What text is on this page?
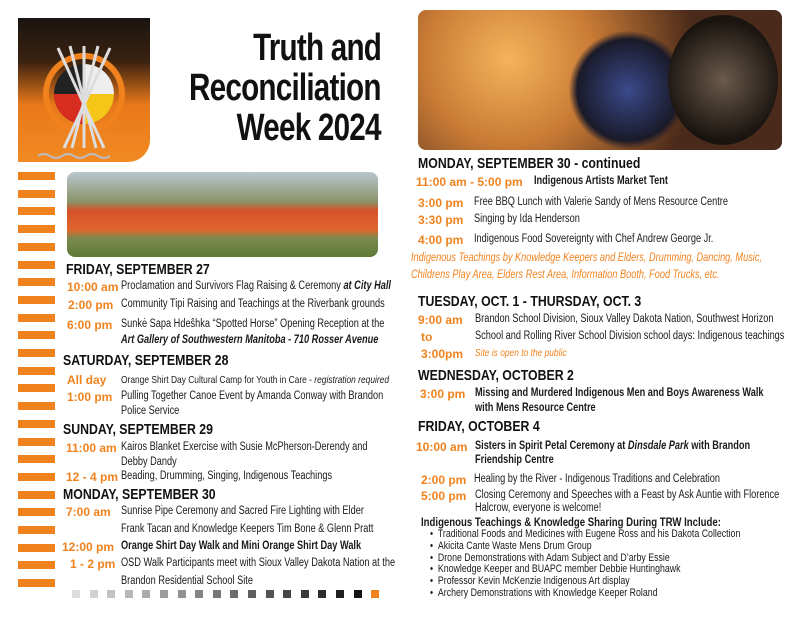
Truth and
Reconciliation
Week 2024
FRIDAY, SEPTEMBER 27
10:00 am Proclamation and Survivors Flag Raising & Ceremony at City Hall
2:00 pm Community Tipi Raising and Teachings at the Riverbank grounds
6:00 pm Sunkė Sapa Hdeŝhka “Spotted Horse” Opening Reception at the
Art Gallery of Southwestern Manitoba - 710 Rosser Avenue
SATURDAY, SEPTEMBER 28
All day Orange Shirt Day Cultural Camp for Youth in Care - registration required
1:00 pm Pulling Together Canoe Event by Amanda Conway with Brandon
Police Service
SUNDAY, SEPTEMBER 29
11:00 am Kairos Blanket Exercise with Susie McPherson-Derendy and
Debby Dandy
12 - 4 pm Beading, Drumming, Singing, Indigenous Teachings
MONDAY, SEPTEMBER 30
7:00 am Sunrise Pipe Ceremony and Sacred Fire Lighting with Elder
Frank Tacan and Knowledge Keepers Tim Bone & Glenn Pratt
12:00 pm Orange Shirt Day Walk and Mini Orange Shirt Day Walk
1 - 2 pm OSD Walk Participants meet with Sioux Valley Dakota Nation at the
Brandon Residential School Site
MONDAY, SEPTEMBER 30 - continued
11:00 am - 5:00 pm Indigenous Artists Market Tent
3:00 pm Free BBQ Lunch with Valerie Sandy of Mens Resource Centre
3:30 pm Singing by Ida Henderson
4:00 pm Indigenous Food Sovereignty with Chef Andrew George Jr.
Indigenous Teachings by Knowledge Keepers and Elders, Drumming, Dancing, Music,
Childrens Play Area, Elders Rest Area, Information Booth, Food Trucks, etc.
TUESDAY, OCT. 1 - THURSDAY, OCT. 3
9:00 am
to
3:00pm
Brandon School Division, Sioux Valley Dakota Nation, Southwest Horizon
School and Rolling River School Division school days: Indigenous teachings
Site is open to the public
WEDNESDAY, OCTOBER 2
3:00 pm Missing and Murdered Indigenous Men and Boys Awareness Walk
with Mens Resource Centre
FRIDAY, OCTOBER 4
10:00 am Sisters in Spirit Petal Ceremony at Dinsdale Park with Brandon
Friendship Centre
2:00 pm Healing by the River - Indigenous Traditions and Celebration
5:00 pm Closing Ceremony and Speeches with a Feast by Ask Auntie with Florence
Halcrow, everyone is welcome!
Indigenous Teachings & Knowledge Sharing During TRW Include:
• Traditional Foods and Medicines with Eugene Ross and his Dakota Collection
• Akicita Cante Waste Mens Drum Group
• Drone Demonstrations with Adam Subject and D’arby Essie
• Knowledge Keeper and BUAPC member Debbie Huntinghawk
• Professor Kevin McKenzie Indigenous Art display
• Archery Demonstrations with Knowledge Keeper Roland
